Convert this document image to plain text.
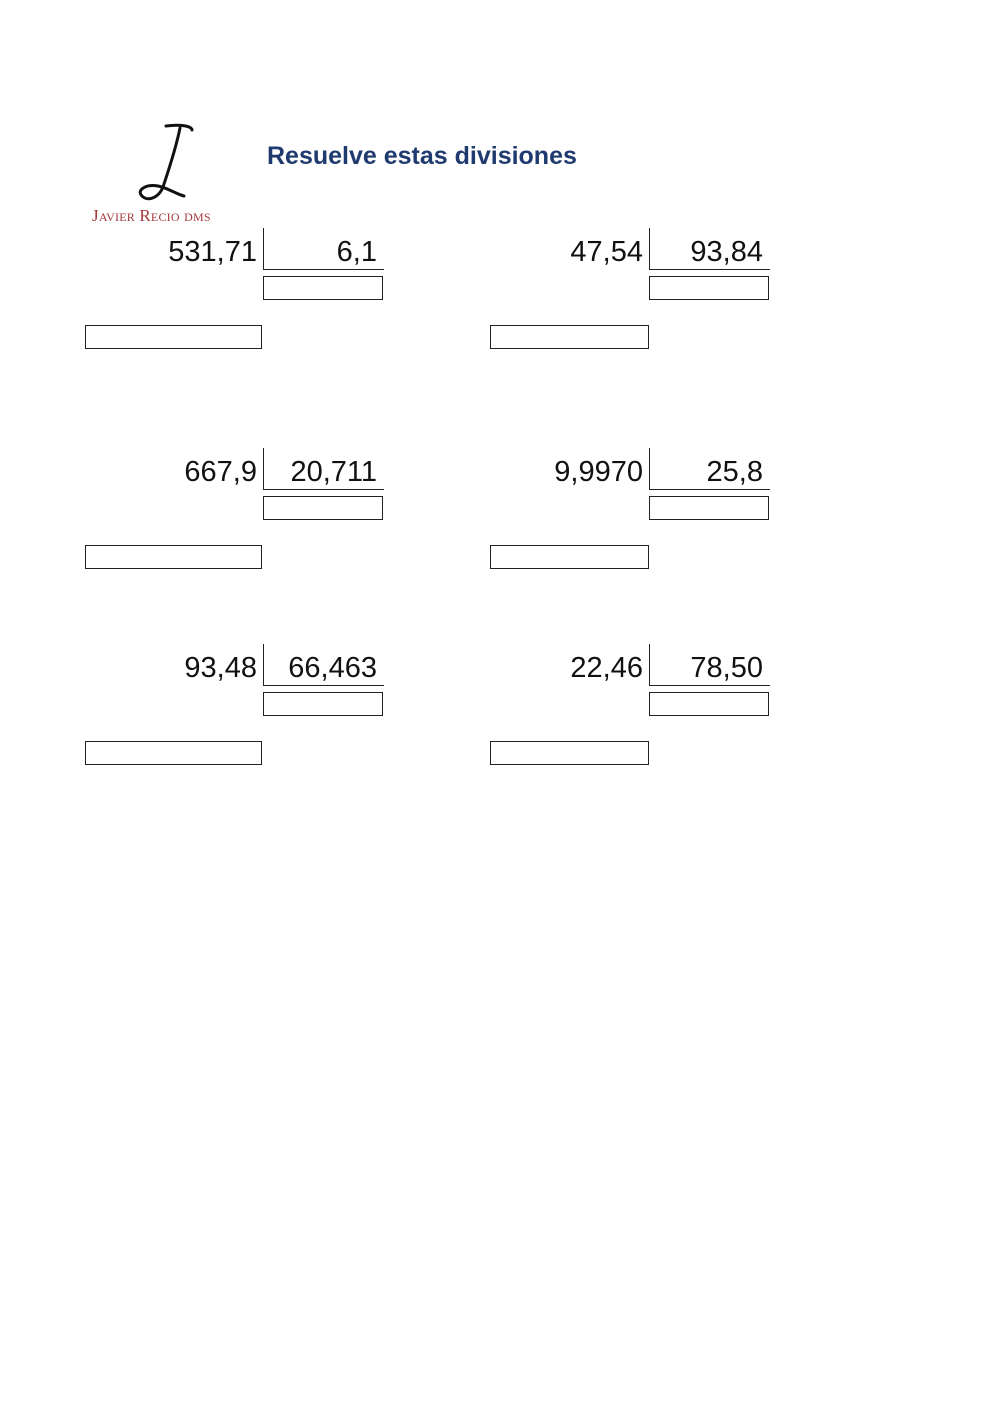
Javier Recio dms
Resuelve estas divisiones
531,71	6,1	47,54	93,84
667,9	20,711	9,9970	25,8
93,48	66,463	22,46	78,50
